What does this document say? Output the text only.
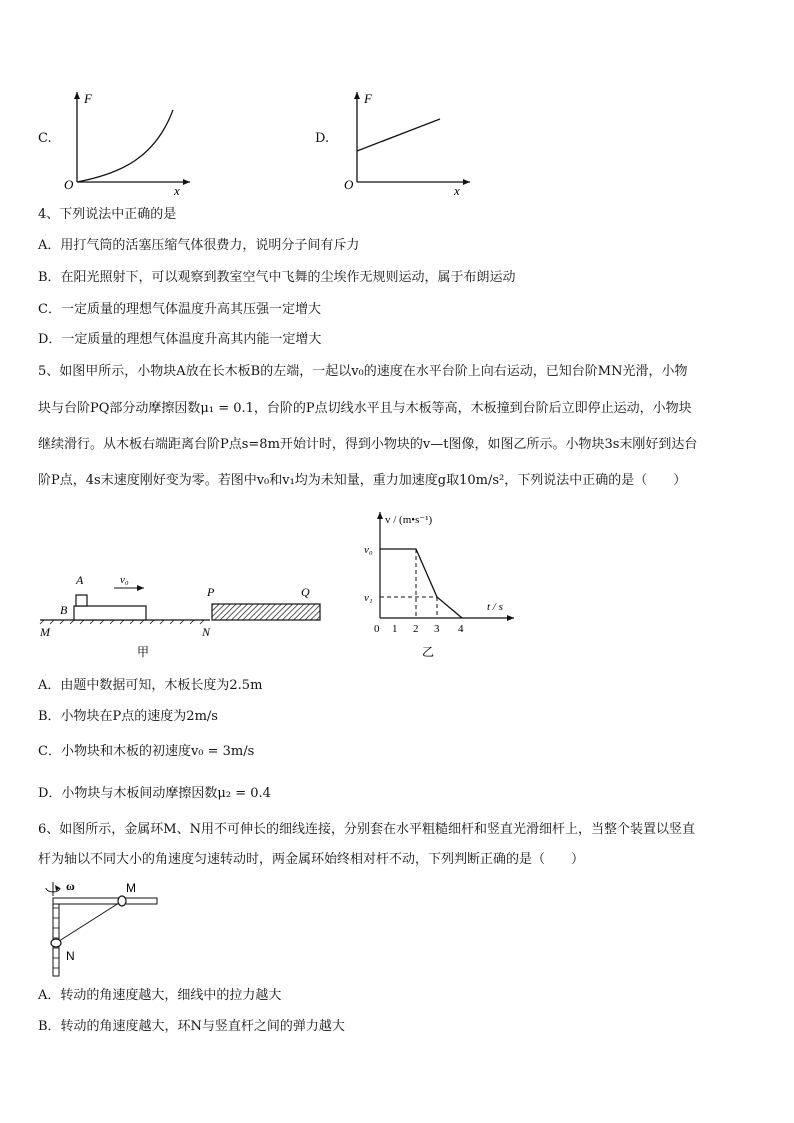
C.
F
x
O
D.
F
x
O
4、下列说法中正确的是
A．用打气筒的活塞压缩气体很费力，说明分子间有斥力
B．在阳光照射下，可以观察到教室空气中飞舞的尘埃作无规则运动，属于布朗运动
C．一定质量的理想气体温度升高其压强一定增大
D．一定质量的理想气体温度升高其内能一定增大
5、如图甲所示，小物块A放在长木板B的左端，一起以v₀的速度在水平台阶上向右运动，已知台阶MN光滑，小物
块与台阶PQ部分动摩擦因数μ₁ = 0.1，台阶的P点切线水平且与木板等高，木板撞到台阶后立即停止运动，小物块
继续滑行。从木板右端距离台阶P点s=8m开始计时，得到小物块的v—t图像，如图乙所示。小物块3s末刚好到达台
阶P点，4s末速度刚好变为零。若图中v₀和v₁均为未知量，重力加速度g取10m/s²，下列说法中正确的是（　　）
A
B
v₀
M	N
P	Q
甲
v / (m•s⁻¹)
t / s
v₀
v₁
0 1 2 3 4
乙
A．由题中数据可知，木板长度为2.5m
B．小物块在P点的速度为2m/s
C．小物块和木板的初速度v₀ = 3m/s
D．小物块与木板间动摩擦因数μ₂ = 0.4
6、如图所示，金属环M、N用不可伸长的细线连接，分别套在水平粗糙细杆和竖直光滑细杆上，当整个装置以竖直
杆为轴以不同大小的角速度匀速转动时，两金属环始终相对杆不动，下列判断正确的是（　　）
ω	M
N
A．转动的角速度越大，细线中的拉力越大
B．转动的角速度越大，环N与竖直杆之间的弹力越大
